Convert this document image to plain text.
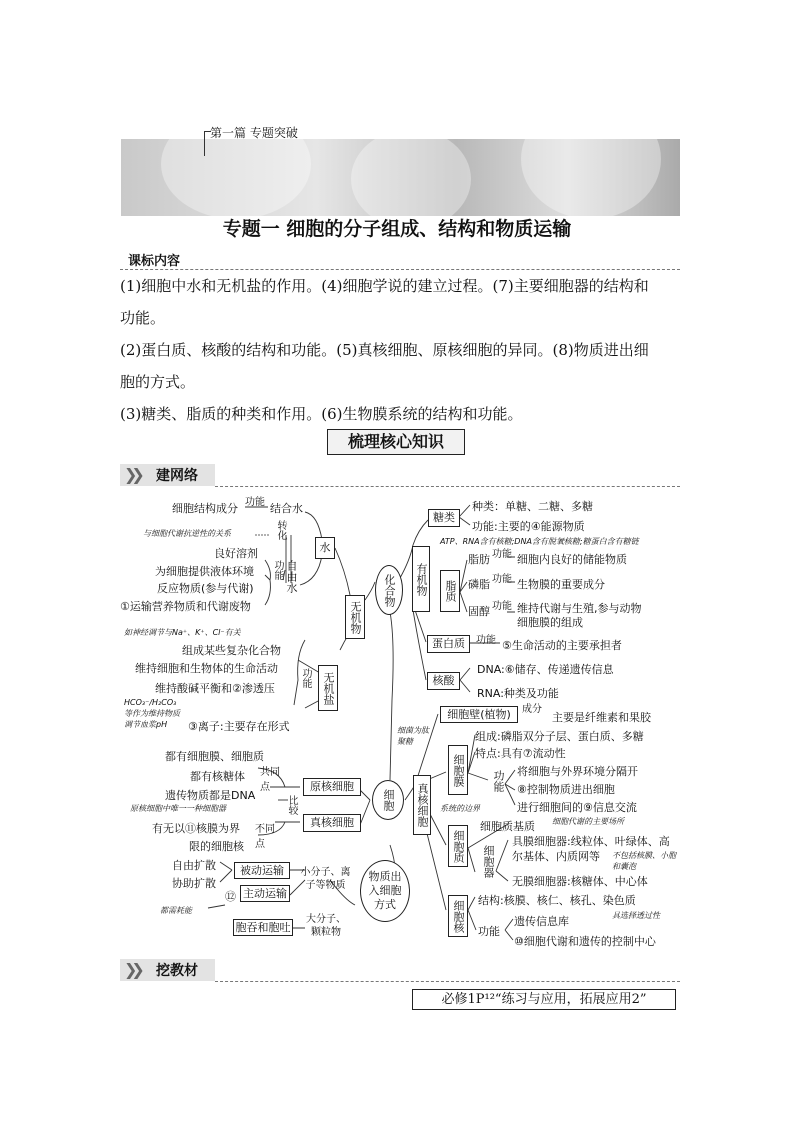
第一篇 专题突破
专题一 细胞的分子组成、结构和物质运输
课标内容
(1)细胞中水和无机盐的作用。(4)细胞学说的建立过程。(7)主要细胞器的结构和
功能。
(2)蛋白质、核酸的结构和功能。(5)真核细胞、原核细胞的异同。(8)物质进出细
胞的方式。
(3)糖类、脂质的种类和作用。(6)生物膜系统的结构和功能。
梳理核心知识
❯❯ 建网络
细胞结构成分 功能 结合水
与细胞代谢抗逆性的关系	转化
自由水
功能
良好溶剂
为细胞提供液体环境
反应物质(参与代谢)
①运输营养物质和代谢废物
水
无机物
如神经调节与Na⁺、K⁺、Cl⁻有关
组成某些复杂化合物
维持细胞和生物体的生命活动
维持酸碱平衡和②渗透压
HCO₃⁻/H₂CO₃等作为维持物质调节血浆pH	③离子:主要存在形式
功能	无机盐
化合物	有机物
糖类
种类：单糖、二糖、多糖
功能:主要的④能源物质
ATP、RNA含有核糖;DNA含有脱氧核糖;糖蛋白含有糖链
脂质
脂肪 功能 细胞内良好的储能物质
磷脂 功能 生物膜的重要成分
固醇 功能 维持代谢与生殖,参与动物
细胞膜的组成
蛋白质	功能 ⑤生命活动的主要承担者
核酸
DNA:⑥储存、传递遗传信息
RNA:种类及功能
细菌为肽聚糖
都有细胞膜、细胞质
都有核糖体
遗传物质都是DNA
原核细胞中唯一一种细胞器
有无以⑪核膜为界
限的细胞核
共同点
比较
不同点
原核细胞
真核细胞
细胞	真核细胞
细胞壁(植物)	成分
主要是纤维素和果胶
细胞膜
组成:磷脂双分子层、蛋白质、多糖
特点:具有⑦流动性
功能 将细胞与外界环境分隔开
⑧控制物质进出细胞
进行细胞间的⑨信息交流
系统的边界
细胞质
细胞质基质 细胞代谢的主要场所
细胞器
具膜细胞器:线粒体、叶绿体、高
尔基体、内质网等 不包括核膜、小胞和囊泡
无膜细胞器:核糖体、中心体
细胞核 结构:核膜、核仁、核孔、染色质
功能
遗传信息库
⑩细胞代谢和遗传的控制中心
具选择透过性
自由扩散
协助扩散
被动运输
⑫ 主动运输
都需耗能
胞吞和胞吐
小分子、离子等物质
大分子、颗粒物
物质出入细胞方式
❯❯ 挖教材
必修1P¹²“练习与应用，拓展应用2”
